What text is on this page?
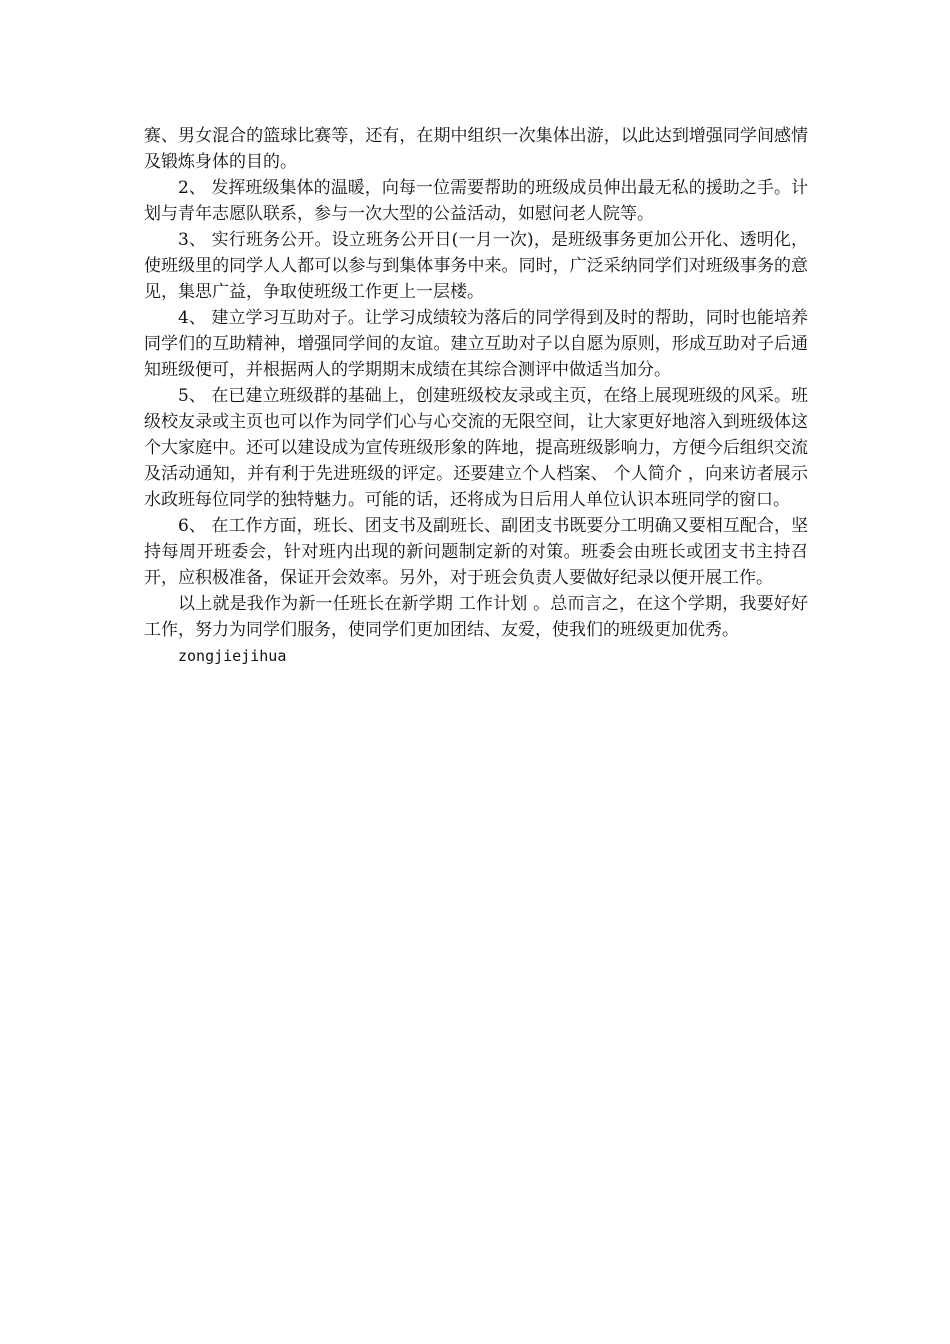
赛、男女混合的篮球比赛等，还有，在期中组织一次集体出游，以此达到增强同学间感情及锻炼身体的目的。

2、 发挥班级集体的温暖，向每一位需要帮助的班级成员伸出最无私的援助之手。计划与青年志愿队联系，参与一次大型的公益活动，如慰问老人院等。

3、 实行班务公开。设立班务公开日(一月一次)，是班级事务更加公开化、透明化，使班级里的同学人人都可以参与到集体事务中来。同时，广泛采纳同学们对班级事务的意见，集思广益，争取使班级工作更上一层楼。

4、 建立学习互助对子。让学习成绩较为落后的同学得到及时的帮助，同时也能培养同学们的互助精神，增强同学间的友谊。建立互助对子以自愿为原则，形成互助对子后通知班级便可，并根据两人的学期期末成绩在其综合测评中做适当加分。

5、 在已建立班级群的基础上，创建班级校友录或主页，在络上展现班级的风采。班级校友录或主页也可以作为同学们心与心交流的无限空间，让大家更好地溶入到班级体这个大家庭中。还可以建设成为宣传班级形象的阵地，提高班级影响力，方便今后组织交流及活动通知，并有利于先进班级的评定。还要建立个人档案、 个人简介 ，向来访者展示水政班每位同学的独特魅力。可能的话，还将成为日后用人单位认识本班同学的窗口。

6、 在工作方面，班长、团支书及副班长、副团支书既要分工明确又要相互配合，坚持每周开班委会，针对班内出现的新问题制定新的对策。班委会由班长或团支书主持召开，应积极准备，保证开会效率。另外，对于班会负责人要做好纪录以便开展工作。

以上就是我作为新一任班长在新学期 工作计划 。总而言之，在这个学期，我要好好工作，努力为同学们服务，使同学们更加团结、友爱，使我们的班级更加优秀。

zongjiejihua
